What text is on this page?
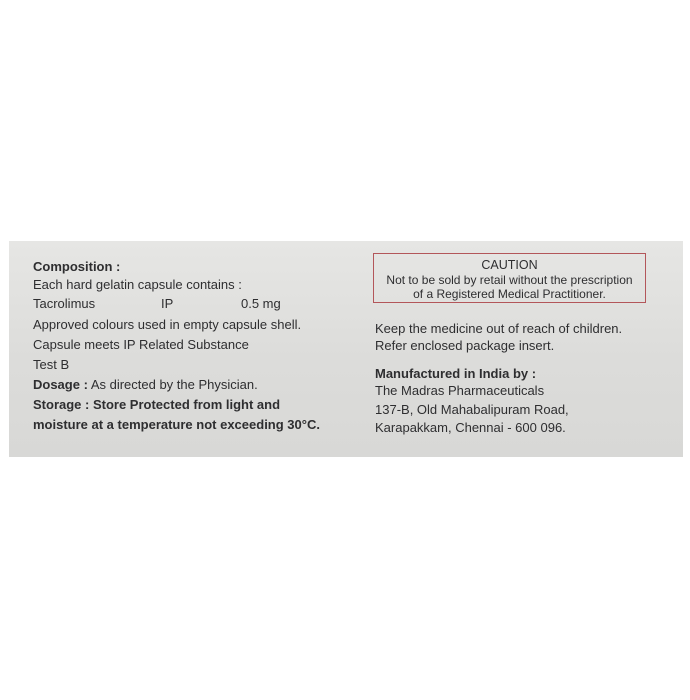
Composition :
Each hard gelatin capsule contains :
Tacrolimus	IP	0.5 mg
Approved colours used in empty capsule shell.
Capsule meets IP Related Substance
Test B
Dosage : As directed by the Physician.
Storage : Store Protected from light and
moisture at a temperature not exceeding 30°C.
CAUTION
Not to be sold by retail without the prescription
of a Registered Medical Practitioner.
Keep the medicine out of reach of children.
Refer enclosed package insert.
Manufactured in India by :
The Madras Pharmaceuticals
137-B, Old Mahabalipuram Road,
Karapakkam, Chennai - 600 096.
